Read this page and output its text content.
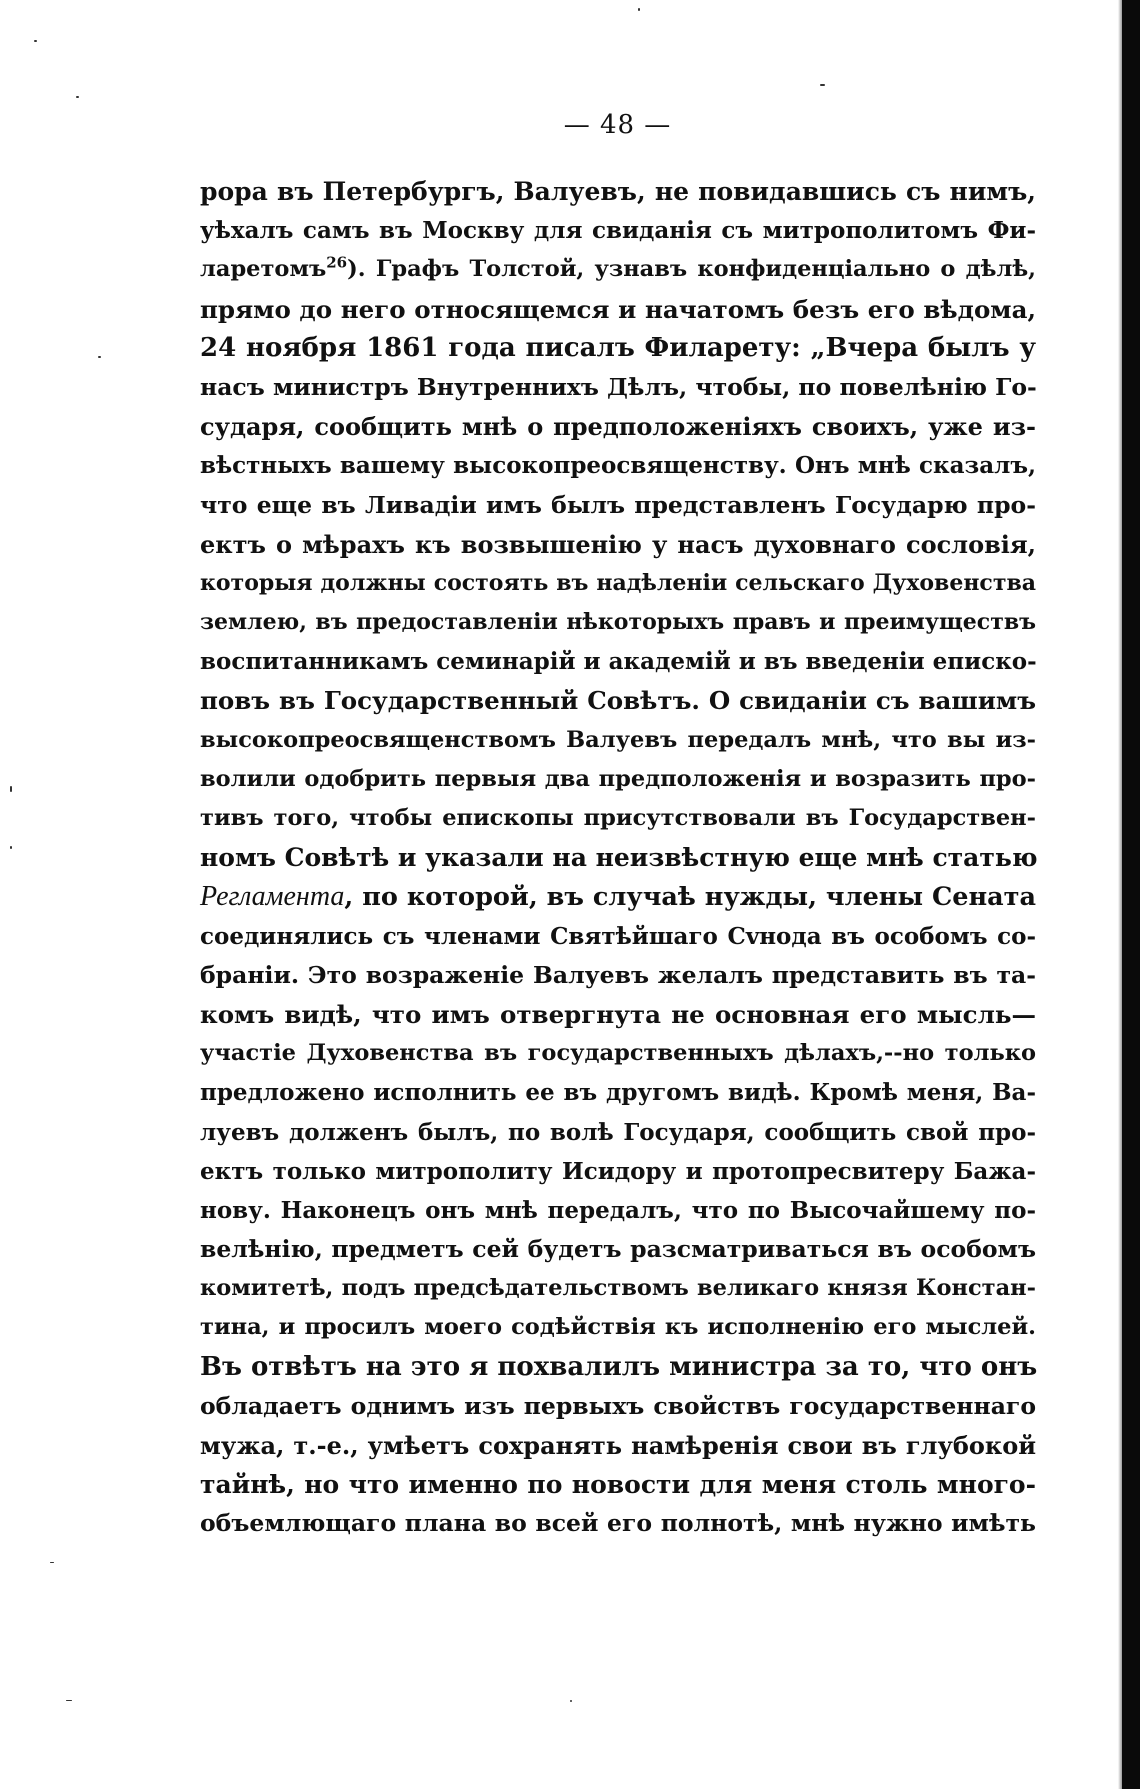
— 48 —
рора въ Петербургъ, Валуевъ, не повидавшись съ нимъ,
уѣхалъ самъ въ Москву для свиданія съ митрополитомъ Фи-
ларетомъ$^{26}$). Графъ Толстой, узнавъ конфиденціально о дѣлѣ,
прямо до него относящемся и начатомъ безъ его вѣдома,
24 ноября 1861 года писалъ Филарету: „Вчера былъ у
насъ министръ Внутреннихъ Дѣлъ, чтобы, по повелѣнію Го-
сударя, сообщить мнѣ о предположеніяхъ своихъ, уже из-
вѣстныхъ вашему высокопреосвященству. Онъ мнѣ сказалъ,
что еще въ Ливадіи имъ былъ представленъ Государю про-
ектъ о мѣрахъ къ возвышенію у насъ духовнаго сословія,
которыя должны состоять въ надѣленіи сельскаго Духовенства
землею, въ предоставленіи нѣкоторыхъ правъ и преимуществъ
воспитанникамъ семинарій и академій и въ введеніи еписко-
повъ въ Государственный Совѣтъ. О свиданіи съ вашимъ
высокопреосвященствомъ Валуевъ передалъ мнѣ, что вы из-
волили одобрить первыя два предположенія и возразить про-
тивъ того, чтобы епископы присутствовали въ Государствен-
номъ Совѣтѣ и указали на неизвѣстную еще мнѣ статью
Регламента, по которой, въ случаѣ нужды, члены Сената
соединялись съ членами Святѣйшаго Сvнода въ особомъ со-
браніи. Это возраженіе Валуевъ желалъ представить въ та-
комъ видѣ, что имъ отвергнута не основная его мысль—
участіе Духовенства въ государственныхъ дѣлахъ,--но только
предложено исполнить ее въ другомъ видѣ. Кромѣ меня, Ва-
луевъ долженъ былъ, по волѣ Государя, сообщить свой про-
ектъ только митрополиту Исидору и протопресвитеру Бажа-
нову. Наконецъ онъ мнѣ передалъ, что по Высочайшему по-
велѣнію, предметъ сей будетъ разсматриваться въ особомъ
комитетѣ, подъ предсѣдательствомъ великаго князя Констан-
тина, и просилъ моего содѣйствія къ исполненію его мыслей.
Въ отвѣтъ на это я похвалилъ министра за то, что онъ
обладаетъ однимъ изъ первыхъ свойствъ государственнаго
мужа, т.-е., умѣетъ сохранять намѣренія свои въ глубокой
тайнѣ, но что именно по новости для меня столь много-
объемлющаго плана во всей его полнотѣ, мнѣ нужно имѣть
